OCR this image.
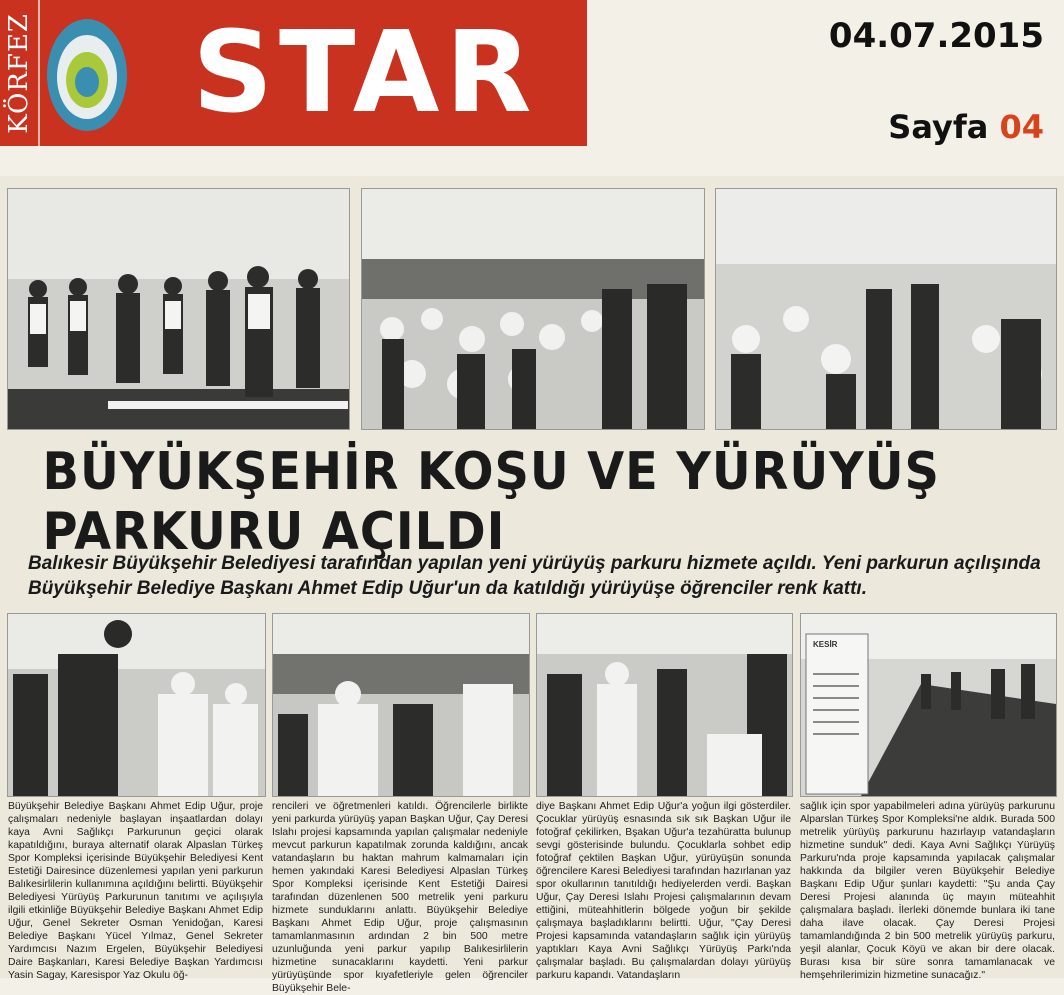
KÖRFEZ STAR	04.07.2015
Sayfa 04
BÜYÜKŞEHİR KOŞU VE YÜRÜYÜŞ PARKURU AÇILDI
Balıkesir Büyükşehir Belediyesi tarafından yapılan yeni yürüyüş parkuru hizmete açıldı. Yeni parkurun açılışında Büyükşehir Belediye Başkanı Ahmet Edip Uğur'un da katıldığı yürüyüşe öğrenciler renk kattı.
KESİR
Büyükşehir Belediye Başkanı Ahmet Edip Uğur, proje çalışmaları nedeniyle başlayan inşaatlardan dolayı kaya Avni Sağlıkçı Parkurunun geçici olarak kapatıldığını, buraya alternatif olarak Alpaslan Türkeş Spor Kompleksi içerisinde Büyükşehir Belediyesi Kent Estetiği Dairesince düzenlemesi yapılan yeni parkurun Balıkesirlilerin kullanımına açıldığını belirtti. Büyükşehir Belediyesi Yürüyüş Parkurunun tanıtımı ve açılışıyla ilgili etkinliğe Büyükşehir Belediye Başkanı Ahmet Edip Uğur, Genel Sekreter Osman Yenidoğan, Karesi Belediye Başkanı Yücel Yılmaz, Genel Sekreter Yardımcısı Nazım Ergelen, Büyükşehir Belediyesi Daire Başkanları, Karesi Belediye Başkan Yardımcısı Yasin Sagay, Karesispor Yaz Okulu öğ-
rencileri ve öğretmenleri katıldı. Öğrencilerle birlikte yeni parkurda yürüyüş yapan Başkan Uğur, Çay Deresi Islahı projesi kapsamında yapılan çalışmalar nedeniyle mevcut parkurun kapatılmak zorunda kaldığını, ancak vatandaşların bu haktan mahrum kalmamaları için hemen yakındaki Karesi Belediyesi Alpaslan Türkeş Spor Kompleksi içerisinde Kent Estetiği Dairesi tarafından düzenlenen 500 metrelik yeni parkuru hizmete sunduklarını anlattı. Büyükşehir Belediye Başkanı Ahmet Edip Uğur, proje çalışmasının tamamlanmasının ardından 2 bin 500 metre uzunluğunda yeni parkur yapılıp Balıkesirlilerin hizmetine sunacaklarını kaydetti. Yeni parkur yürüyüşünde spor kıyafetleriyle gelen öğrenciler Büyükşehir Bele-
diye Başkanı Ahmet Edip Uğur'a yoğun ilgi gösterdiler. Çocuklar yürüyüş esnasında sık sık Başkan Uğur ile fotoğraf çekilirken, Bşakan Uğur'a tezahüratta bulunup sevgi gösterisinde bulundu. Çocuklarla sohbet edip fotoğraf çektilen Başkan Uğur, yürüyüşün sonunda öğrencilere Karesi Belediyesi tarafından hazırlanan yaz spor okullarının tanıtıldığı hediyelerden verdi. Başkan Uğur, Çay Deresi Islahı Projesi çalışmalarının devam ettiğini, müteahhitlerin bölgede yoğun bir şekilde çalışmaya başladıklarını belirtti. Uğur, "Çay Deresi Projesi kapsamında vatandaşların sağlık için yürüyüş yaptıkları Kaya Avni Sağlıkçı Yürüyüş Parkı'nda çalışmalar başladı. Bu çalışmalardan dolayı yürüyüş parkuru kapandı. Vatandaşların
sağlık için spor yapabilmeleri adına yürüyüş parkurunu Alparslan Türkeş Spor Kompleksi'ne aldık. Burada 500 metrelik yürüyüş parkurunu hazırlayıp vatandaşların hizmetine sunduk" dedi. Kaya Avni Sağlıkçı Yürüyüş Parkuru'nda proje kapsamında yapılacak çalışmalar hakkında da bilgiler veren Büyükşehir Belediye Başkanı Edip Uğur şunları kaydetti: "Şu anda Çay Deresi Projesi alanında üç mayın müteahhit çalışmalara başladı. İlerleki dönemde bunlara iki tane daha ilave olacak. Çay Deresi Projesi tamamlandığında 2 bin 500 metrelik yürüyüş parkuru, yeşil alanlar, Çocuk Köyü ve akan bir dere olacak. Burası kısa bir süre sonra tamamlanacak ve hemşehrilerimizin hizmetine sunacağız."
